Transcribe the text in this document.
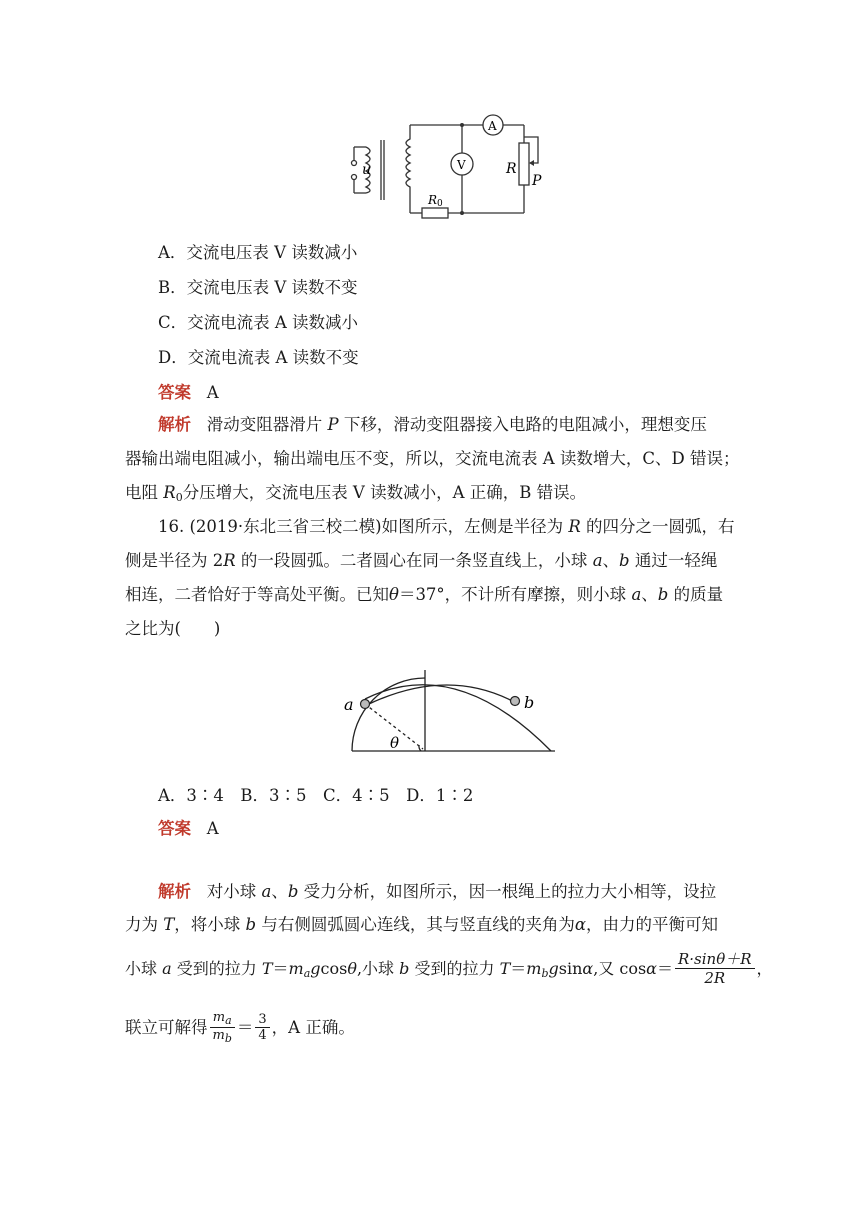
u	V
A
R
P
R0
A．交流电压表 V 读数减小
B．交流电压表 V 读数不变
C．交流电流表 A 读数减小
D．交流电流表 A 读数不变
答案 A
解析 滑动变阻器滑片 P 下移，滑动变阻器接入电路的电阻减小，理想变压
器输出端电阻减小，输出端电压不变，所以，交流电流表 A 读数增大，C、D 错误；
电阻 $R_0$分压增大，交流电压表 V 读数减小，A 正确，B 错误。
16. (2019·东北三省三校二模)如图所示，左侧是半径为 R 的四分之一圆弧，右
侧是半径为 2R 的一段圆弧。二者圆心在同一条竖直线上，小球 a、b 通过一轻绳
相连，二者恰好于等高处平衡。已知θ＝37°，不计所有摩擦，则小球 a、b 的质量
之比为(　　)
a	b
θ
A．3∶4　B．3∶5　C．4∶5　D．1∶2
答案 A
解析 对小球 a、b 受力分析，如图所示，因一根绳上的拉力大小相等，设拉
力为 T，将小球 b 与右侧圆弧圆心连线，其与竖直线的夹角为α，由力的平衡可知
小球 a 受到的拉力 $T=m_agcos\theta$,小球 b 受到的拉力 $T=m_bgsin\alpha$,又 $\cos\alpha= \frac{R\cdot\sin\theta+R}{2R}$ ，
联立可解得 $\frac{m_a}{m_b} = \frac{3}{4}$ ，A 正确。
